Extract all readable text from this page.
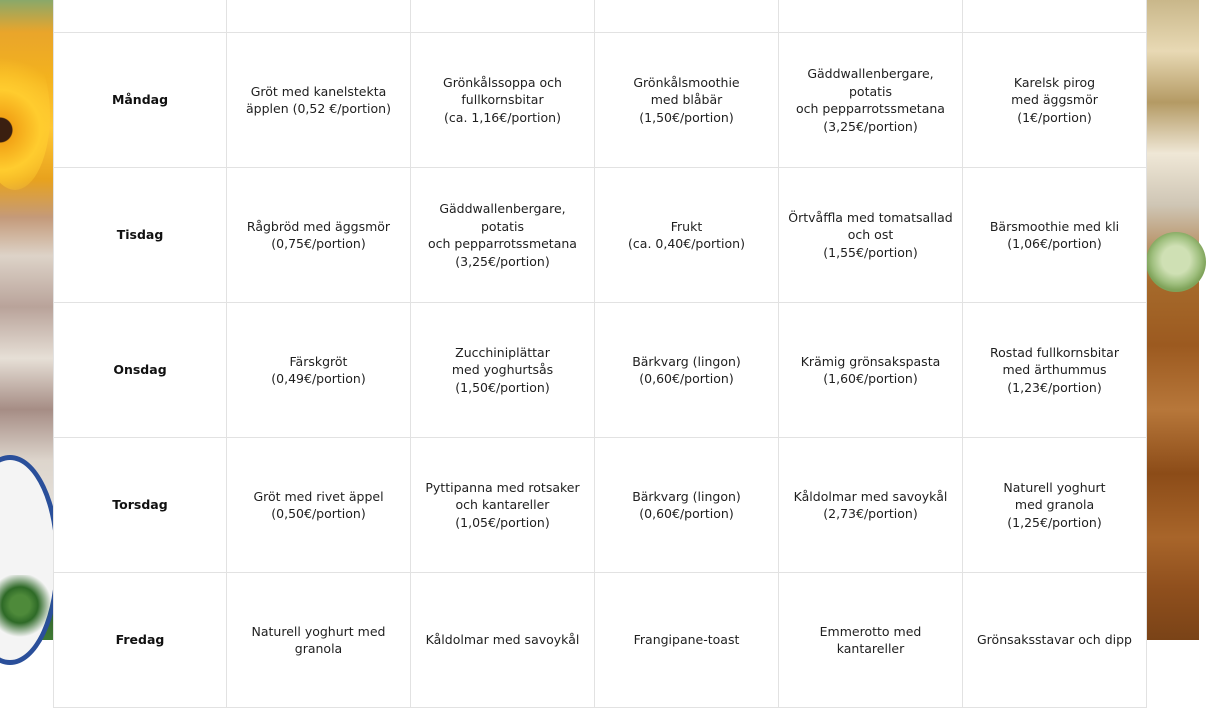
Måndag	Gröt med kanelstekta
äpplen (0,52 €/portion)	Grönkålssoppa och
fullkornsbitar
(ca. 1,16€/portion)	Grönkålsmoothie
med blåbär
(1,50€/portion)	Gäddwallenbergare, potatis
och pepparrotssmetana
(3,25€/portion)	Karelsk pirog
med äggsmör
(1€/portion)
Tisdag	Rågbröd med äggsmör
(0,75€/portion)	Gäddwallenbergare, potatis
och pepparrotssmetana
(3,25€/portion)	Frukt
(ca. 0,40€/portion)	Örtvåffla med tomatsallad
och ost
(1,55€/portion)	Bärsmoothie med kli
(1,06€/portion)
Onsdag	Färskgröt
(0,49€/portion)	Zucchiniplättar
med yoghurtsås
(1,50€/portion)	Bärkvarg (lingon)
(0,60€/portion)	Krämig grönsakspasta
(1,60€/portion)	Rostad fullkornsbitar
med ärthummus
(1,23€/portion)
Torsdag	Gröt med rivet äppel
(0,50€/portion)	Pyttipanna med rotsaker
och kantareller
(1,05€/portion)	Bärkvarg (lingon)
(0,60€/portion)	Kåldolmar med savoykål
(2,73€/portion)	Naturell yoghurt
med granola
(1,25€/portion)
Fredag	Naturell yoghurt med
granola	Kåldolmar med savoykål	Frangipane-toast	Emmerotto med kantareller	Grönsaksstavar och dipp
